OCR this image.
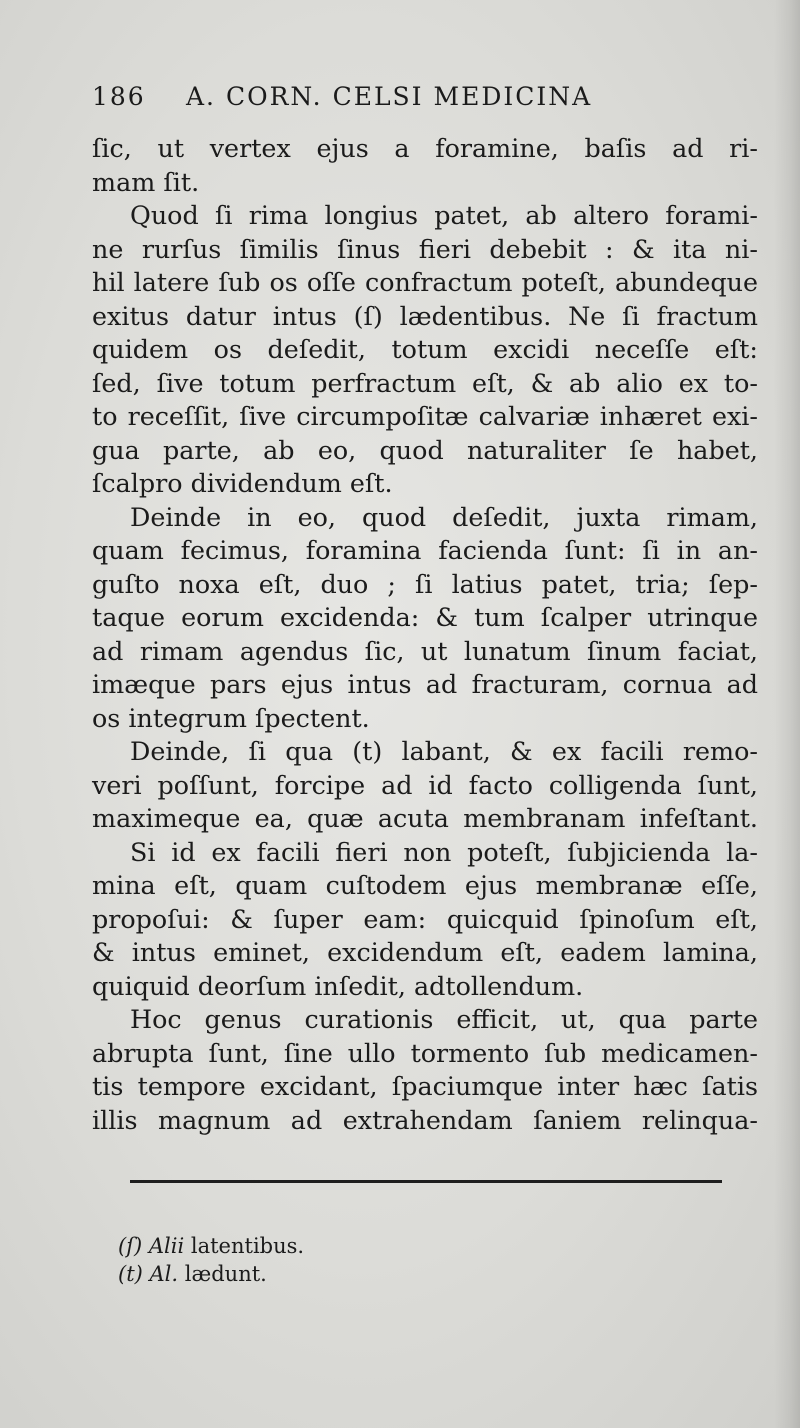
186 A. CORN. CELSI MEDICINA
ſic, ut vertex ejus a foramine, baſis ad ri-
mam ſit.
Quod ſi rima longius patet, ab altero forami-
ne rurſus ſimilis ſinus fieri debebit : & ita ni-
hil latere ſub os oſſe confractum poteſt, abundeque
exitus datur intus (ſ) lædentibus. Ne ſi fractum
quidem os deſedit, totum excidi neceſſe eſt:
ſed, ſive totum perfractum eſt, & ab alio ex to-
to receſſit, ſive circumpoſitæ calvariæ inhæret exi-
gua parte, ab eo, quod naturaliter ſe habet,
ſcalpro dividendum eſt.
Deinde in eo, quod deſedit, juxta rimam,
quam fecimus, foramina facienda ſunt: ſi in an-
guſto noxa eſt, duo ; ſi latius patet, tria; ſep-
taque eorum excidenda: & tum ſcalper utrinque
ad rimam agendus ſic, ut lunatum ſinum faciat,
imæque pars ejus intus ad fracturam, cornua ad
os integrum ſpectent.
Deinde, ſi qua (t) labant, & ex facili remo-
veri poſſunt, forcipe ad id facto colligenda ſunt,
maximeque ea, quæ acuta membranam infeſtant.
Si id ex facili fieri non poteſt, ſubjicienda la-
mina eſt, quam cuſtodem ejus membranæ eſſe,
propoſui: & ſuper eam: quicquid ſpinoſum eſt,
& intus eminet, excidendum eſt, eadem lamina,
quiquid deorſum inſedit, adtollendum.
Hoc genus curationis efficit, ut, qua parte
abrupta ſunt, ſine ullo tormento ſub medicamen-
tis tempore excidant, ſpaciumque inter hæc ſatis
illis magnum ad extrahendam ſaniem relinqua-
(ſ) Alii latentibus.
(t) Al. lædunt.
